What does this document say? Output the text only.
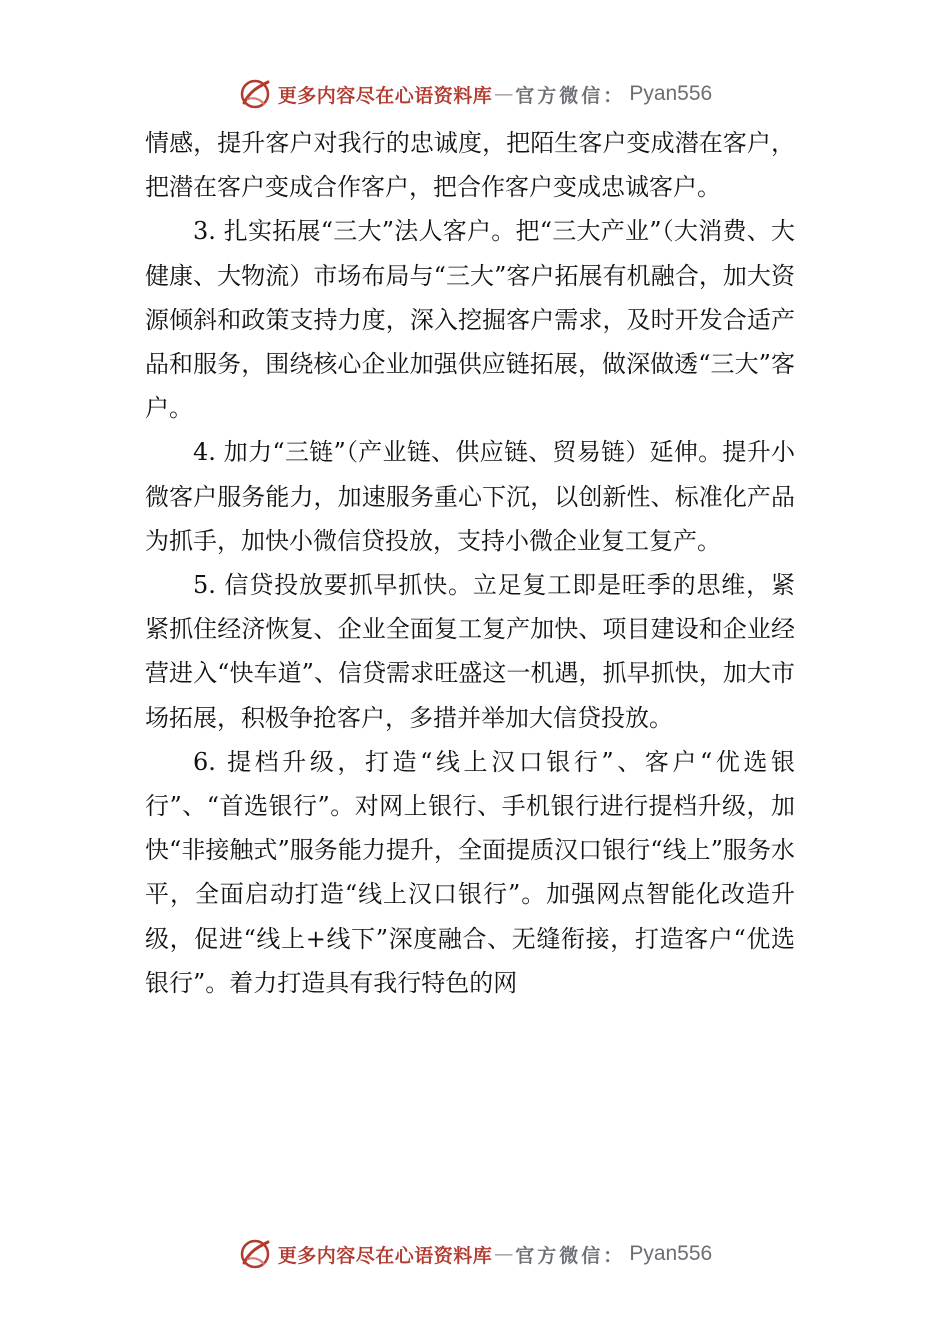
更多内容尽在心语资料库 — 官方微信： Pyan556

情感，提升客户对我行的忠诚度，把陌生客户变成潜在客户，把潜在客户变成合作客户，把合作客户变成忠诚客户。

3. 扎实拓展“三大”法人客户。把“三大产业”（大消费、大健康、大物流）市场布局与“三大”客户拓展有机融合，加大资源倾斜和政策支持力度，深入挖掘客户需求，及时开发合适产品和服务，围绕核心企业加强供应链拓展，做深做透“三大”客户。

4. 加力“三链”（产业链、供应链、贸易链）延伸。提升小微客户服务能力，加速服务重心下沉，以创新性、标准化产品为抓手，加快小微信贷投放，支持小微企业复工复产。

5. 信贷投放要抓早抓快。立足复工即是旺季的思维，紧紧抓住经济恢复、企业全面复工复产加快、项目建设和企业经营进入“快车道”、信贷需求旺盛这一机遇，抓早抓快，加大市场拓展，积极争抢客户，多措并举加大信贷投放。

6. 提档升级，打造“线上汉口银行”、客户“优选银行”、“首选银行”。对网上银行、手机银行进行提档升级，加快“非接触式”服务能力提升，全面提质汉口银行“线上”服务水平，全面启动打造“线上汉口银行”。加强网点智能化改造升级，促进“线上+线下”深度融合、无缝衔接，打造客户“优选银行”。着力打造具有我行特色的网

更多内容尽在心语资料库 — 官方微信： Pyan556
